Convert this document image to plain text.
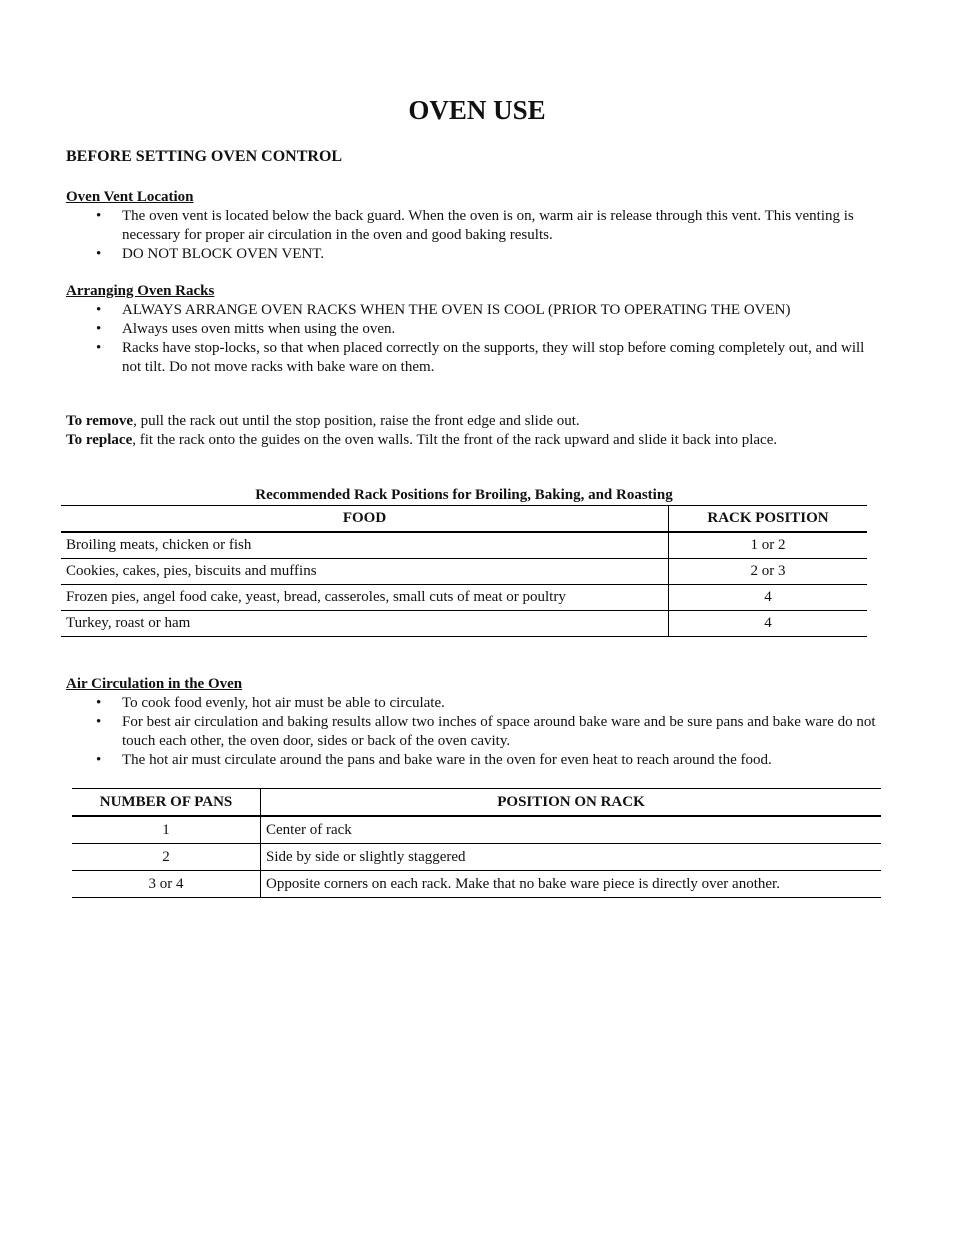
OVEN USE
BEFORE SETTING OVEN CONTROL
Oven Vent Location
• The oven vent is located below the back guard. When the oven is on, warm air is release through this vent. This venting is necessary for proper air circulation in the oven and good baking results.
• DO NOT BLOCK OVEN VENT.
Arranging Oven Racks
• ALWAYS ARRANGE OVEN RACKS WHEN THE OVEN IS COOL (PRIOR TO OPERATING THE OVEN)
• Always uses oven mitts when using the oven.
• Racks have stop-locks, so that when placed correctly on the supports, they will stop before coming completely out, and will not tilt. Do not move racks with bake ware on them.
To remove, pull the rack out until the stop position, raise the front edge and slide out.
To replace, fit the rack onto the guides on the oven walls. Tilt the front of the rack upward and slide it back into place.
Recommended Rack Positions for Broiling, Baking, and Roasting
FOOD	RACK POSITION
Broiling meats, chicken or fish	1 or 2
Cookies, cakes, pies, biscuits and muffins	2 or 3
Frozen pies, angel food cake, yeast, bread, casseroles, small cuts of meat or poultry	4
Turkey, roast or ham	4
Air Circulation in the Oven
• To cook food evenly, hot air must be able to circulate.
• For best air circulation and baking results allow two inches of space around bake ware and be sure pans and bake ware do not touch each other, the oven door, sides or back of the oven cavity.
• The hot air must circulate around the pans and bake ware in the oven for even heat to reach around the food.
NUMBER OF PANS	POSITION ON RACK
1	Center of rack
2	Side by side or slightly staggered
3 or 4	Opposite corners on each rack. Make that no bake ware piece is directly over another.
